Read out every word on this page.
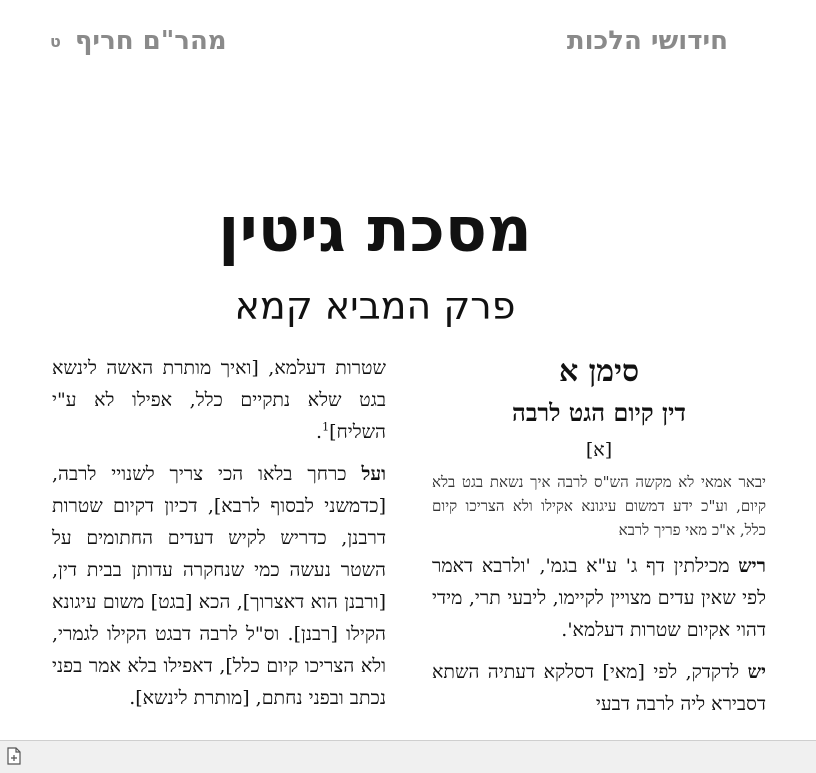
מהר"ם חריףט	חידושי הלכות
מסכת גיטין
פרק המביא קמא
סימן א
דין קיום הגט לרבה
[א]
יבאר אמאי לא מקשה הש"ס לרבה איך נשאת בגט בלא קיום, וע"כ ידע דמשום עיגונא אקילו ולא הצריכו קיום כלל, א"כ מאי פריך לרבא

ריש מכילתין דף ג' ע"א בגמ', 'ולרבא דאמר לפי שאין עדים מצויין לקיימו, ליבעי תרי, מידי דהוי אקיום שטרות דעלמא'.

יש לדקדק, לפי [מאי] דסלקא דעתיה השתא דסבירא ליה לרבה דבעי

שטרות דעלמא, [ואיך מותרת האשה לינשא בגט שלא נתקיים כלל, אפילו לא ע"י השליח]$^1$.

ועל כרחך בלאו הכי צריך לשנויי לרבה, [כדמשני לבסוף לרבא], דכיון דקיום שטרות דרבנן, כדריש לקיש דעדים החתומים על השטר נעשה כמי שנחקרה עדותן בבית דין, [ורבנן הוא דאצרוך], הכא [בגט] משום עיגונא הקילו [רבנן]. וס"ל לרבה דבגט הקילו לגמרי, ולא הצריכו קיום כלל], דאפילו בלא אמר בפני נכתב ובפני נחתם, [מותרת לינשא].
